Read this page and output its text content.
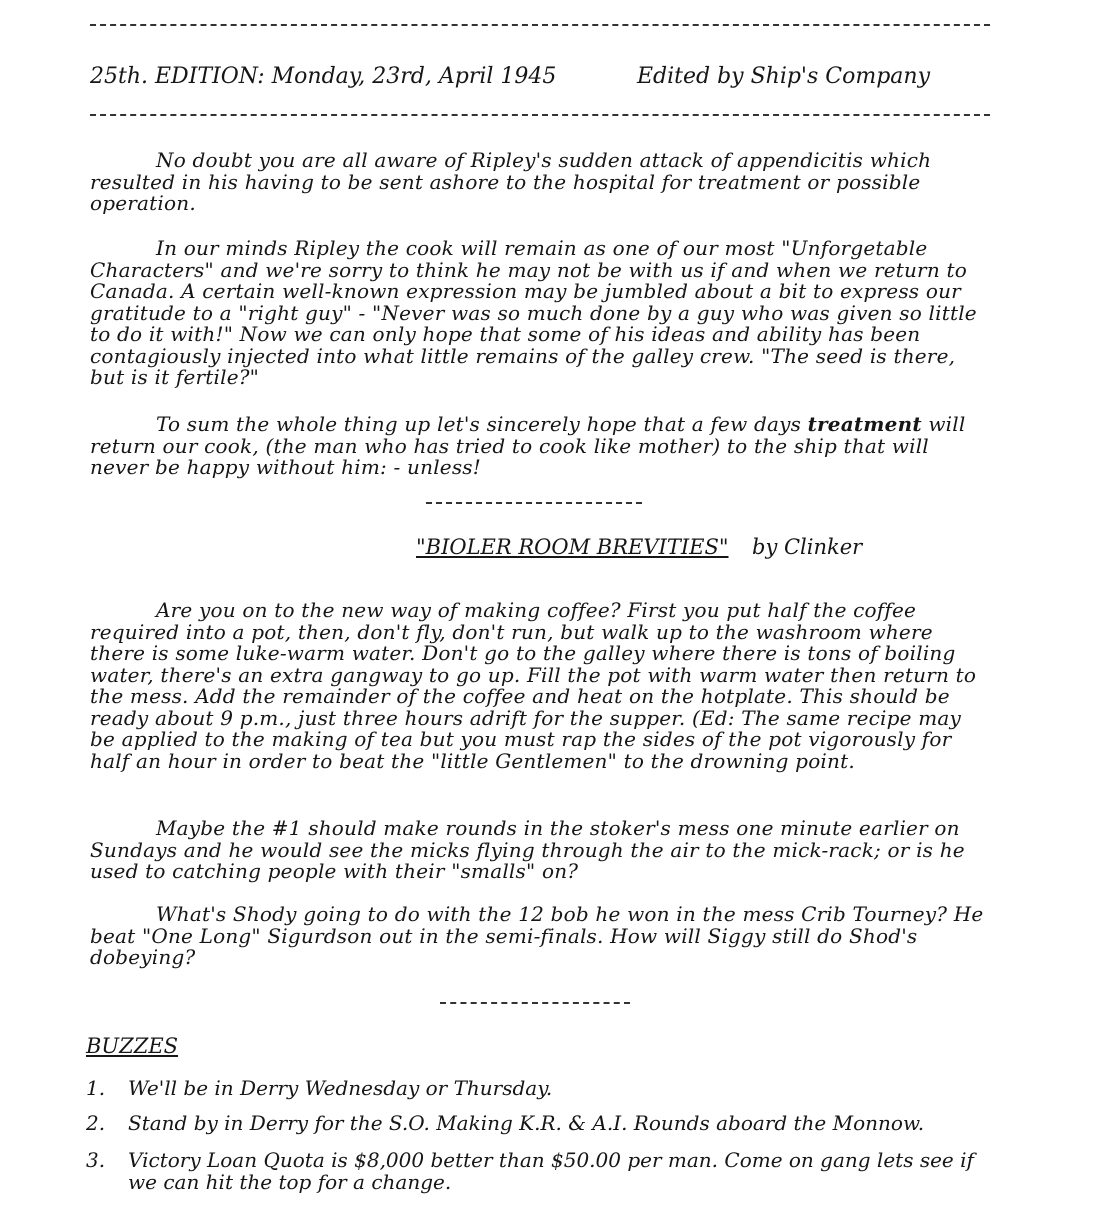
25th. EDITION: Monday, 23rd, April 1945	Edited by Ship's Company

No doubt you are all aware of Ripley's sudden attack of appendicitis which resulted in his having to be sent ashore to the hospital for treatment or possible operation.

In our minds Ripley the cook will remain as one of our most "Unforgetable Characters" and we're sorry to think he may not be with us if and when we return to Canada. A certain well-known expression may be jumbled about a bit to express our gratitude to a "right guy" - "Never was so much done by a guy who was given so little to do it with!" Now we can only hope that some of his ideas and ability has been contagiously injected into what little remains of the galley crew. "The seed is there, but is it fertile?"

To sum the whole thing up let's sincerely hope that a few days treatment will return our cook, (the man who has tried to cook like mother) to the ship that will never be happy without him: - unless!

"BIOLER ROOM BREVITIES" by Clinker

Are you on to the new way of making coffee? First you put half the coffee required into a pot, then, don't fly, don't run, but walk up to the washroom where there is some luke-warm water. Don't go to the galley where there is tons of boiling water, there's an extra gangway to go up. Fill the pot with warm water then return to the mess. Add the remainder of the coffee and heat on the hotplate. This should be ready about 9 p.m., just three hours adrift for the supper. (Ed: The same recipe may be applied to the making of tea but you must rap the sides of the pot vigorously for half an hour in order to beat the "little Gentlemen" to the drowning point.

Maybe the #1 should make rounds in the stoker's mess one minute earlier on Sundays and he would see the micks flying through the air to the mick-rack; or is he used to catching people with their "smalls" on?

What's Shody going to do with the 12 bob he won in the mess Crib Tourney? He beat "One Long" Sigurdson out in the semi-finals. How will Siggy still do Shod's dobeying?

BUZZES
1.	We'll be in Derry Wednesday or Thursday.
2.	Stand by in Derry for the S.O. Making K.R. & A.I. Rounds aboard the Monnow.
3.	Victory Loan Quota is $8,000 better than $50.00 per man. Come on gang lets see if we can hit the top for a change.
